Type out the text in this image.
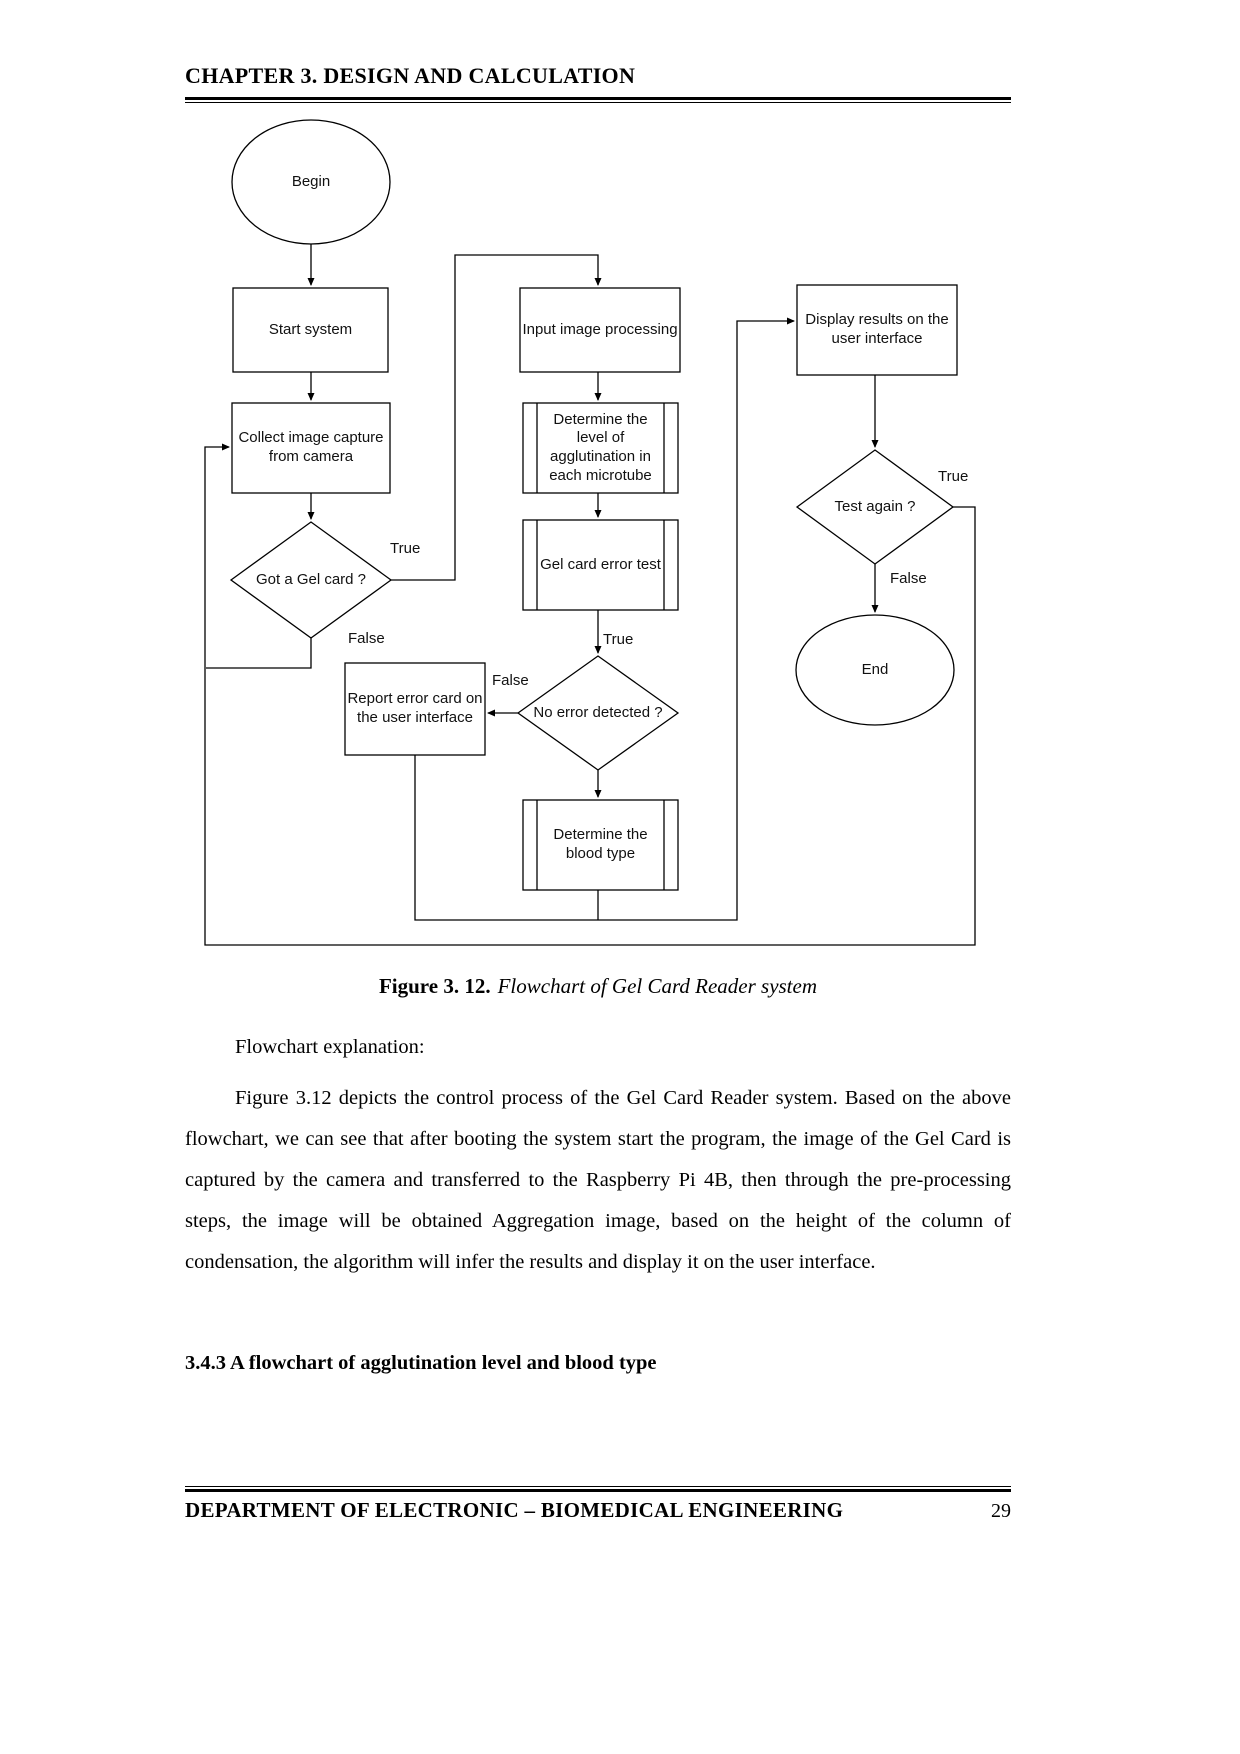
CHAPTER 3. DESIGN AND CALCULATION
Begin
Start system
Collect image capture from camera
Got a Gel card ?
Input image processing
Determine the level of agglutination in each microtube
Gel card error test
No error detected ?
Report error card on the user interface
Determine the blood type
Display results on the user interface
Test again ?
End
True
False	True
False
True
False
Figure 3. 12. Flowchart of Gel Card Reader system
Flowchart explanation:
Figure 3.12 depicts the control process of the Gel Card Reader system. Based on the above flowchart, we can see that after booting the system start the program, the image of the Gel Card is captured by the camera and transferred to the Raspberry Pi 4B, then through the pre-processing steps, the image will be obtained Aggregation image, based on the height of the column of condensation, the algorithm will infer the results and display it on the user interface.
3.4.3 A flowchart of agglutination level and blood type
DEPARTMENT OF ELECTRONIC – BIOMEDICAL ENGINEERING	29
